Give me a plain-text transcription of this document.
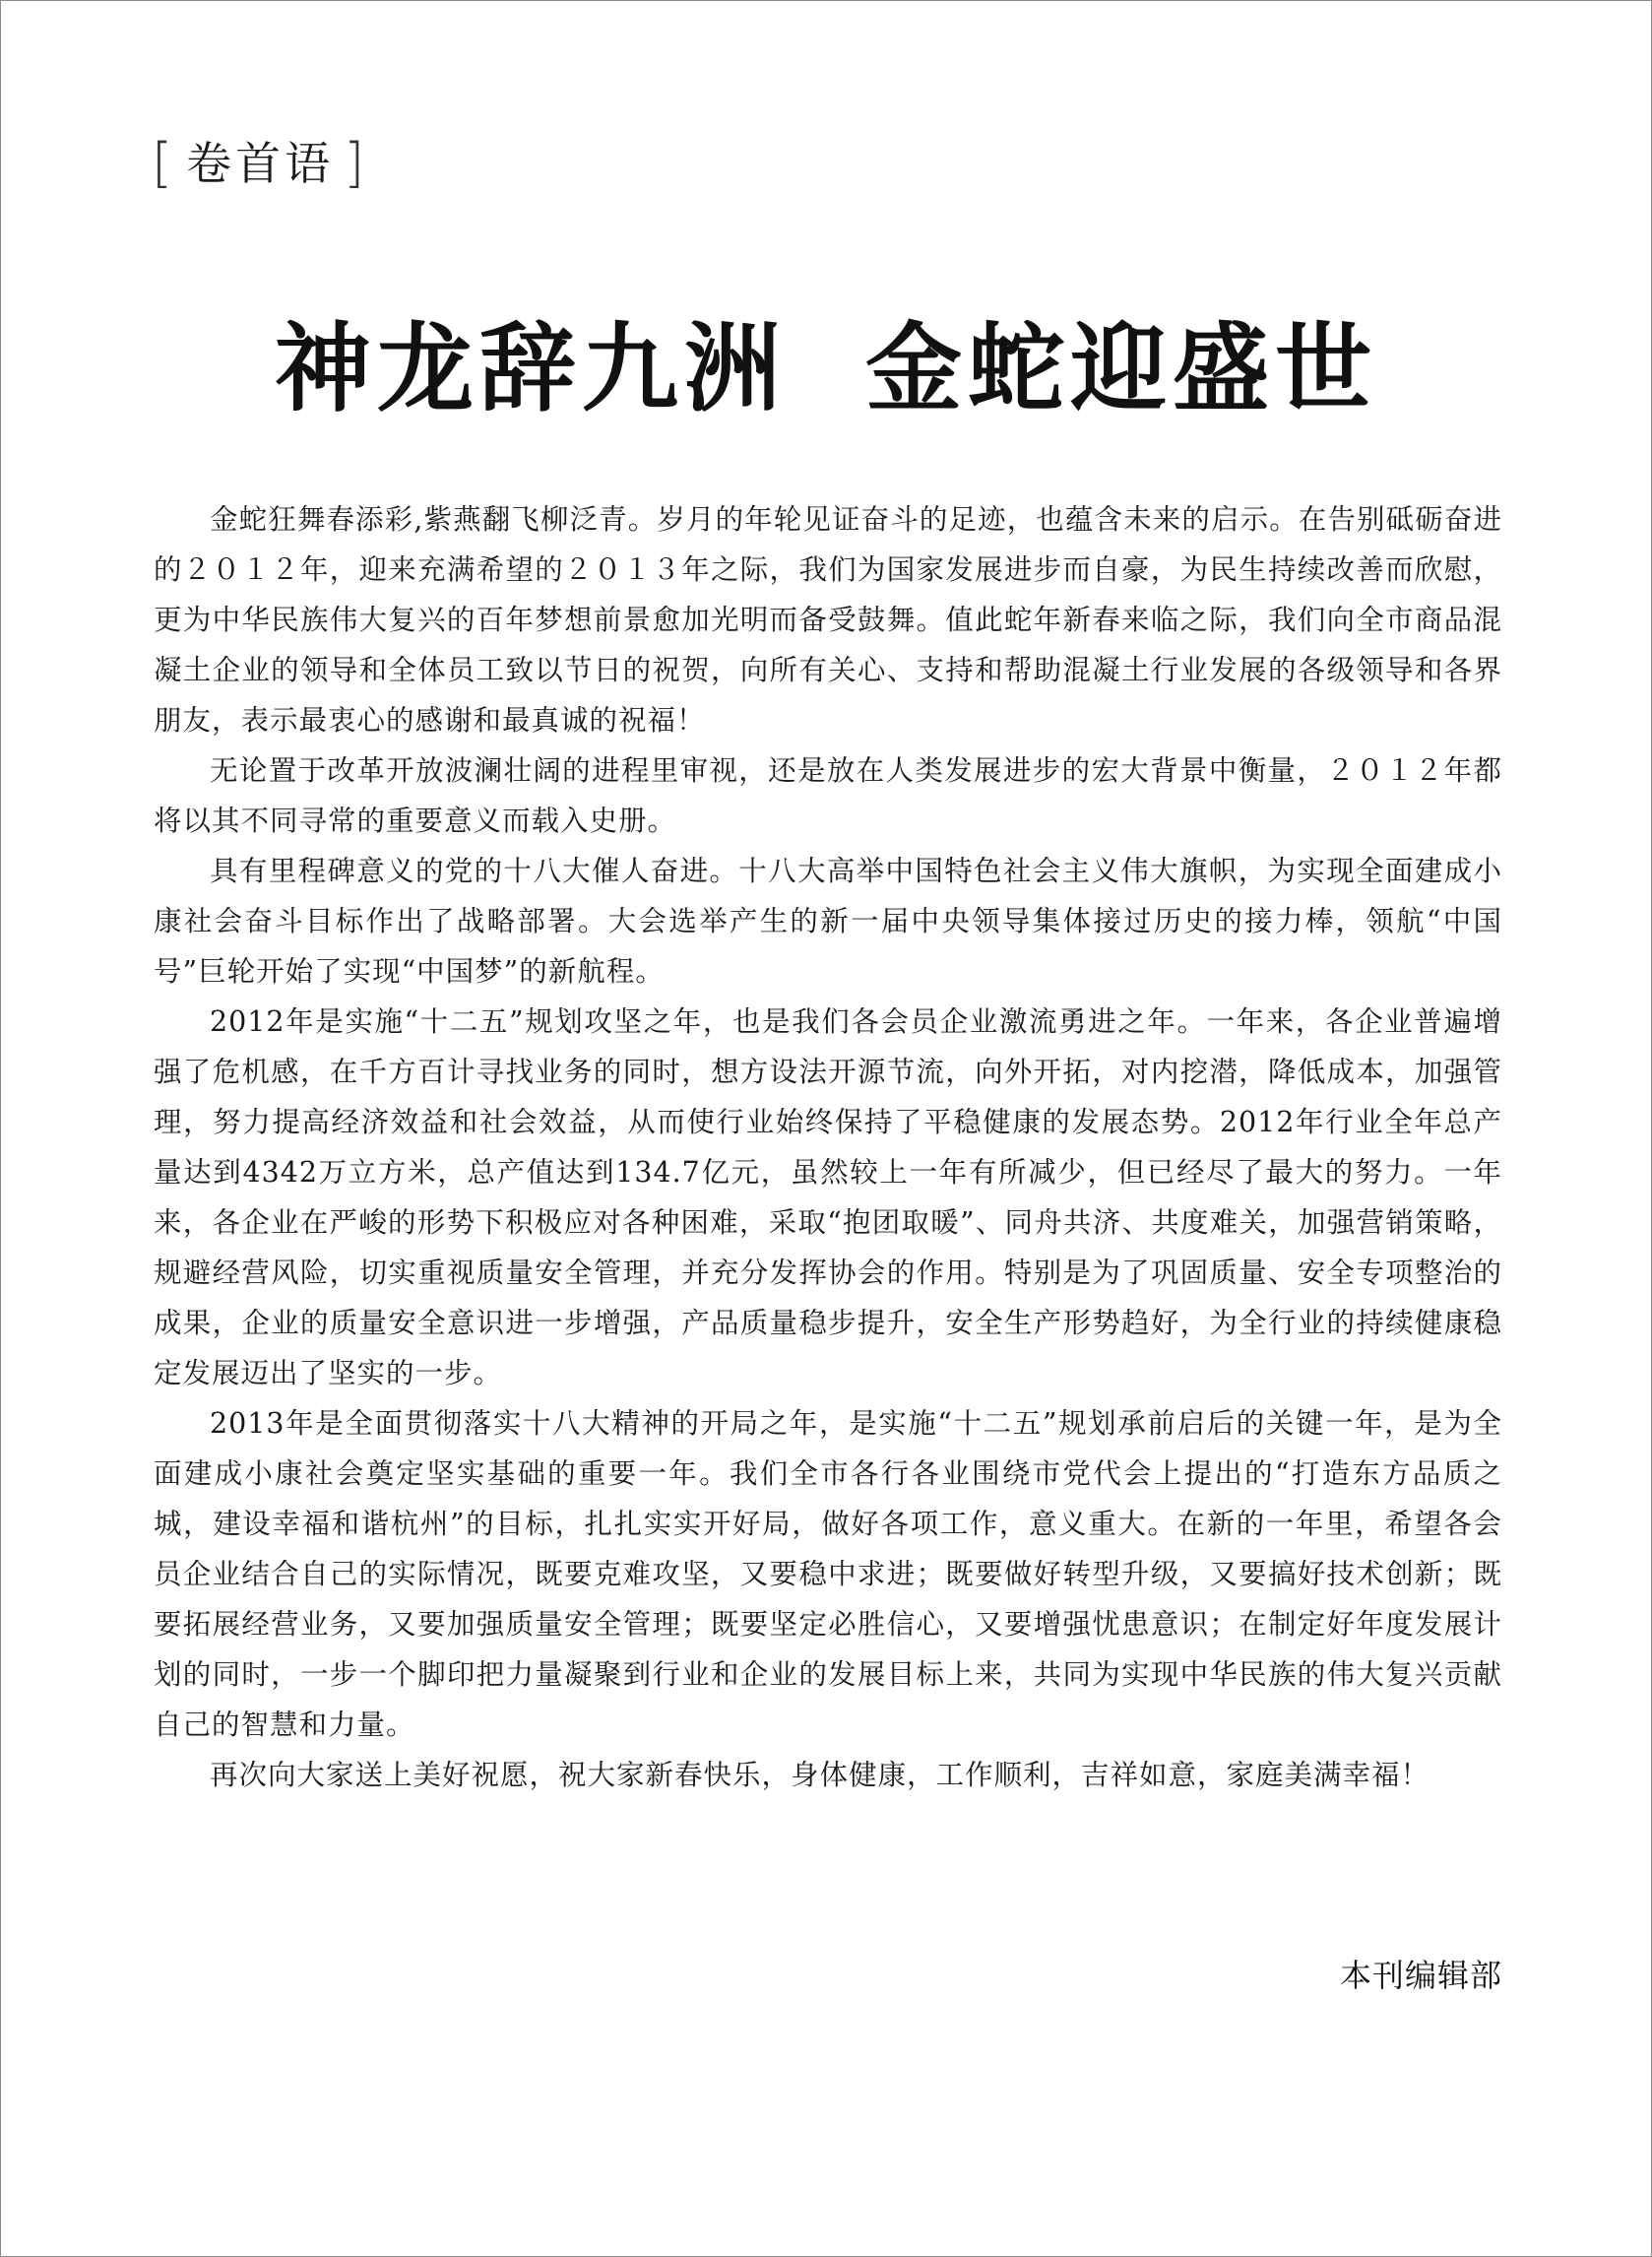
[ 卷首语 ]
神龙辞九洲  金蛇迎盛世

金蛇狂舞春添彩,紫燕翻飞柳泛青。岁月的年轮见证奋斗的足迹，也蕴含未来的启示。在告别砥砺奋进的２０１２年，迎来充满希望的２０１３年之际，我们为国家发展进步而自豪，为民生持续改善而欣慰，更为中华民族伟大复兴的百年梦想前景愈加光明而备受鼓舞。值此蛇年新春来临之际，我们向全市商品混凝土企业的领导和全体员工致以节日的祝贺，向所有关心、支持和帮助混凝土行业发展的各级领导和各界朋友，表示最衷心的感谢和最真诚的祝福！

无论置于改革开放波澜壮阔的进程里审视，还是放在人类发展进步的宏大背景中衡量，２０１２年都将以其不同寻常的重要意义而载入史册。

具有里程碑意义的党的十八大催人奋进。十八大高举中国特色社会主义伟大旗帜，为实现全面建成小康社会奋斗目标作出了战略部署。大会选举产生的新一届中央领导集体接过历史的接力棒，领航“中国号”巨轮开始了实现“中国梦”的新航程。

2012年是实施“十二五”规划攻坚之年，也是我们各会员企业激流勇进之年。一年来，各企业普遍增强了危机感，在千方百计寻找业务的同时，想方设法开源节流，向外开拓，对内挖潜，降低成本，加强管理，努力提高经济效益和社会效益，从而使行业始终保持了平稳健康的发展态势。2012年行业全年总产量达到4342万立方米，总产值达到134.7亿元，虽然较上一年有所减少，但已经尽了最大的努力。一年来，各企业在严峻的形势下积极应对各种困难，采取“抱团取暖”、同舟共济、共度难关，加强营销策略，规避经营风险，切实重视质量安全管理，并充分发挥协会的作用。特别是为了巩固质量、安全专项整治的成果，企业的质量安全意识进一步增强，产品质量稳步提升，安全生产形势趋好，为全行业的持续健康稳定发展迈出了坚实的一步。

2013年是全面贯彻落实十八大精神的开局之年，是实施“十二五”规划承前启后的关键一年，是为全面建成小康社会奠定坚实基础的重要一年。我们全市各行各业围绕市党代会上提出的“打造东方品质之城，建设幸福和谐杭州”的目标，扎扎实实开好局，做好各项工作，意义重大。在新的一年里，希望各会员企业结合自己的实际情况，既要克难攻坚，又要稳中求进；既要做好转型升级，又要搞好技术创新；既要拓展经营业务，又要加强质量安全管理；既要坚定必胜信心，又要增强忧患意识；在制定好年度发展计划的同时，一步一个脚印把力量凝聚到行业和企业的发展目标上来，共同为实现中华民族的伟大复兴贡献自己的智慧和力量。

再次向大家送上美好祝愿，祝大家新春快乐，身体健康，工作顺利，吉祥如意，家庭美满幸福！

本刊编辑部
